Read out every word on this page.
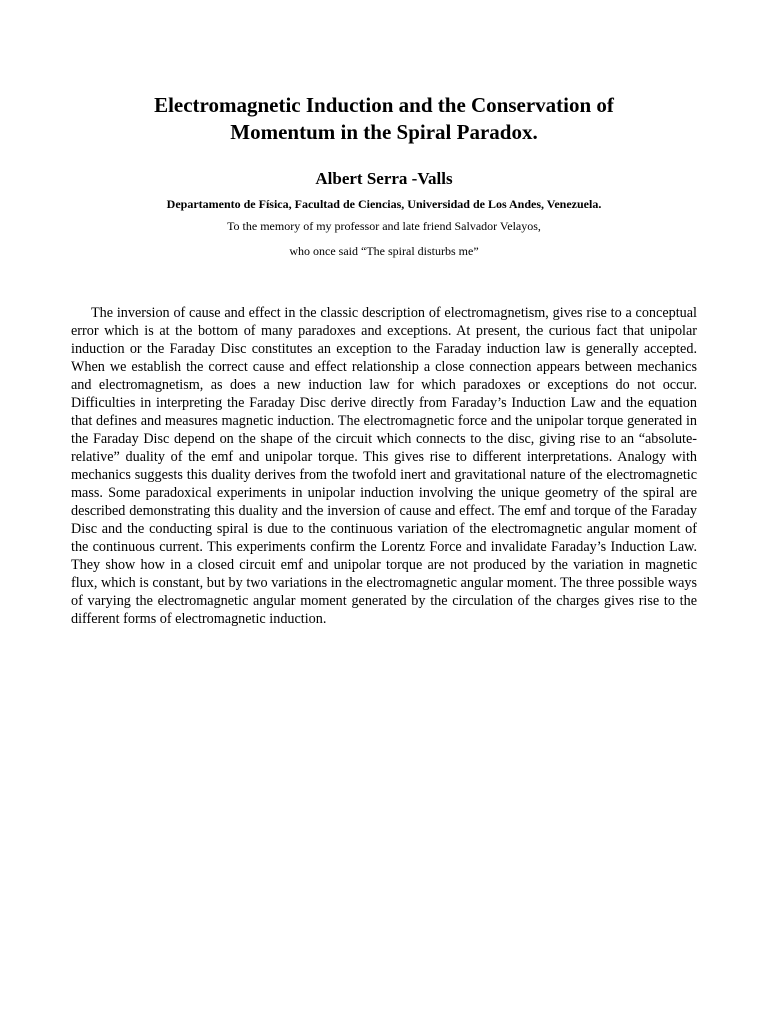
Electromagnetic Induction and the Conservation of
Momentum in the Spiral Paradox.

Albert Serra -Valls

Departamento de Física, Facultad de Ciencias, Universidad de Los Andes, Venezuela.

To the memory of my professor and late friend Salvador Velayos,
who once said “The spiral disturbs me”

The inversion of cause and effect in the classic description of electromagnetism, gives rise to a conceptual error which is at the bottom of many paradoxes and exceptions. At present, the curious fact that unipolar induction or the Faraday Disc constitutes an exception to the Faraday induction law is generally accepted. When we establish the correct cause and effect relationship a close connection appears between mechanics and electromagnetism, as does a new induction law for which paradoxes or exceptions do not occur. Difficulties in interpreting the Faraday Disc derive directly from Faraday’s Induction Law and the equation that defines and measures magnetic induction. The electromagnetic force and the unipolar torque generated in the Faraday Disc depend on the shape of the circuit which connects to the disc, giving rise to an “absolute-relative” duality of the emf and unipolar torque. This gives rise to different interpretations. Analogy with mechanics suggests this duality derives from the twofold inert and gravitational nature of the electromagnetic mass. Some paradoxical experiments in unipolar induction involving the unique geometry of the spiral are described demonstrating this duality and the inversion of cause and effect. The emf and torque of the Faraday Disc and the conducting spiral is due to the continuous variation of the electromagnetic angular moment of the continuous current. This experiments confirm the Lorentz Force and invalidate Faraday’s Induction Law. They show how in a closed circuit emf and unipolar torque are not produced by the variation in magnetic flux, which is constant, but by two variations in the electromagnetic angular moment. The three possible ways of varying the electromagnetic angular moment generated by the circulation of the charges gives rise to the different forms of electromagnetic induction.
